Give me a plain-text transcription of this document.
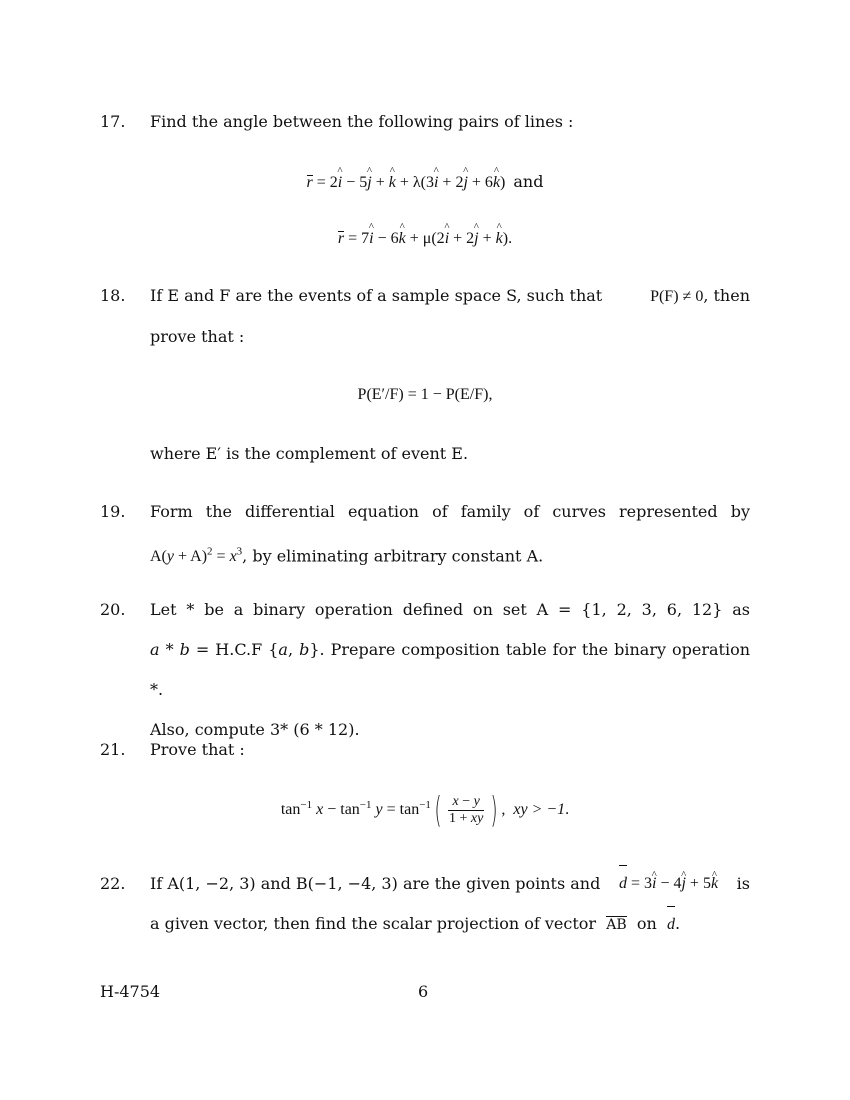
17.	Find the angle between the following pairs of lines :
r = 2i ^ − 5j ^ + k ^ + λ(3i ^ + 2j ^ + 6k ^)  and
r = 7i ^ − 6k ^ + μ(2i ^ + 2j ^ + k ^).
18.	If E and F are the events of a sample space S, such that	P(F) ≠ 0, then
prove that :
P(E′/F) = 1 − P(E/F),
where E′ is the complement of event E.
19.	Form the differential equation of family of curves represented by
$A(y + A)^2 = x^3$, by eliminating arbitrary constant A.
20.	Let * be a binary operation defined on set A = {1, 2, 3, 6, 12} as
a * b = H.C.F {a, b}. Prepare composition table for the binary operation *.
Also, compute 3* (6 * 12).
21.	Prove that :
$\tan^{-1} x - \tan^{-1} y = \tan^{-1}( \frac{x - y}{1 + xy}$ ) ,  xy > −1.
22.	If A(1, −2, 3) and B(−1, −4, 3) are the given points and d = 3i ^ − 4j ^ + 5k ^ is
a given vector, then find the scalar projection of vector AB on d.
H-4754	6
